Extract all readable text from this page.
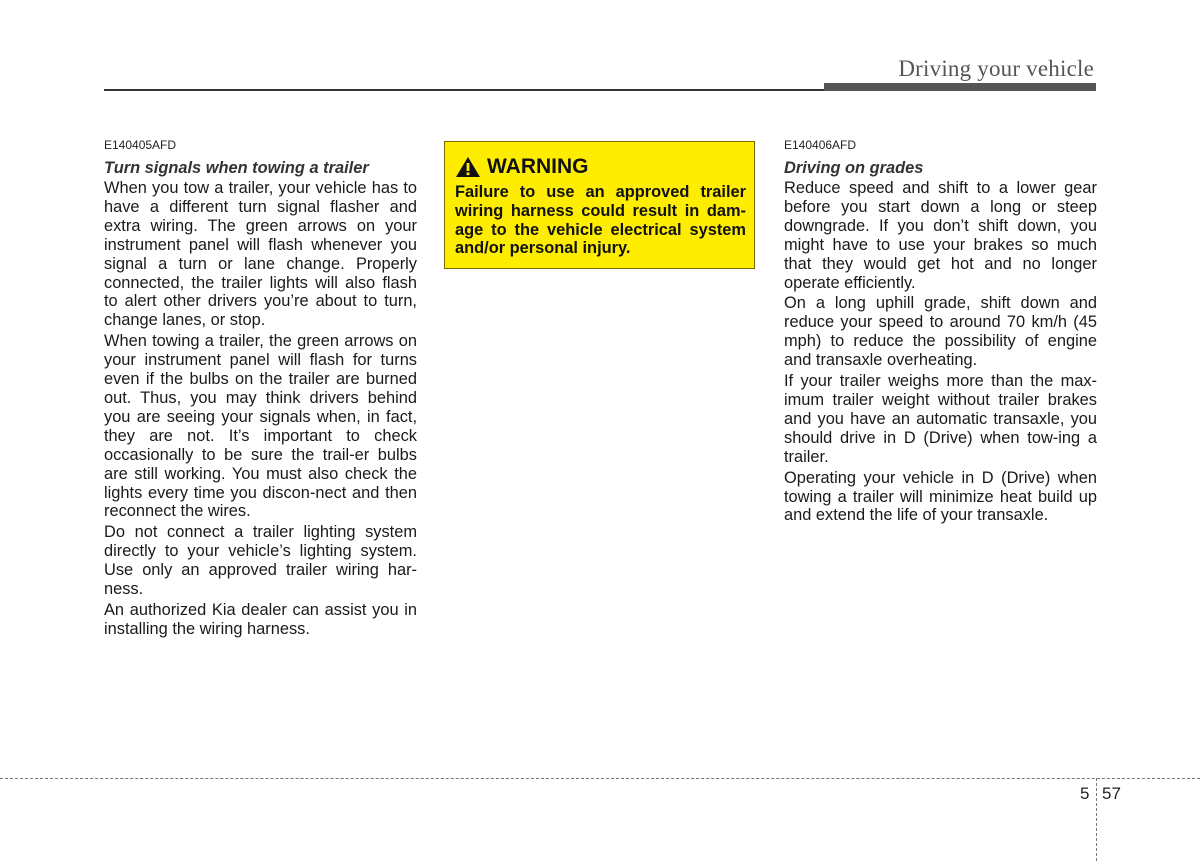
Driving your vehicle
E140405AFD
Turn signals when towing a trailer

When you tow a trailer, your vehicle has to have a different turn signal flasher and extra wiring. The green arrows on your instrument panel will flash whenever you signal a turn or lane change. Properly connected, the trailer lights will also flash to alert other drivers you’re about to turn, change lanes, or stop.

When towing a trailer, the green arrows on your instrument panel will flash for turns even if the bulbs on the trailer are burned out. Thus, you may think drivers behind you are seeing your signals when, in fact, they are not. It’s important to check occasionally to be sure the trail-er bulbs are still working. You must also check the lights every time you discon-nect and then reconnect the wires.

Do not connect a trailer lighting system directly to your vehicle’s lighting system. Use only an approved trailer wiring har-ness.

An authorized Kia dealer can assist you in installing the wiring harness.

WARNING
Failure to use an approved trailer wiring harness could result in dam-age to the vehicle electrical system and/or personal injury.
E140406AFD
Driving on grades

Reduce speed and shift to a lower gear before you start down a long or steep downgrade. If you don’t shift down, you might have to use your brakes so much that they would get hot and no longer operate efficiently.

On a long uphill grade, shift down and reduce your speed to around 70 km/h (45 mph) to reduce the possibility of engine and transaxle overheating.

If your trailer weighs more than the max-imum trailer weight without trailer brakes and you have an automatic transaxle, you should drive in D (Drive) when tow-ing a trailer.

Operating your vehicle in D (Drive) when towing a trailer will minimize heat build up and extend the life of your transaxle.

5 57
